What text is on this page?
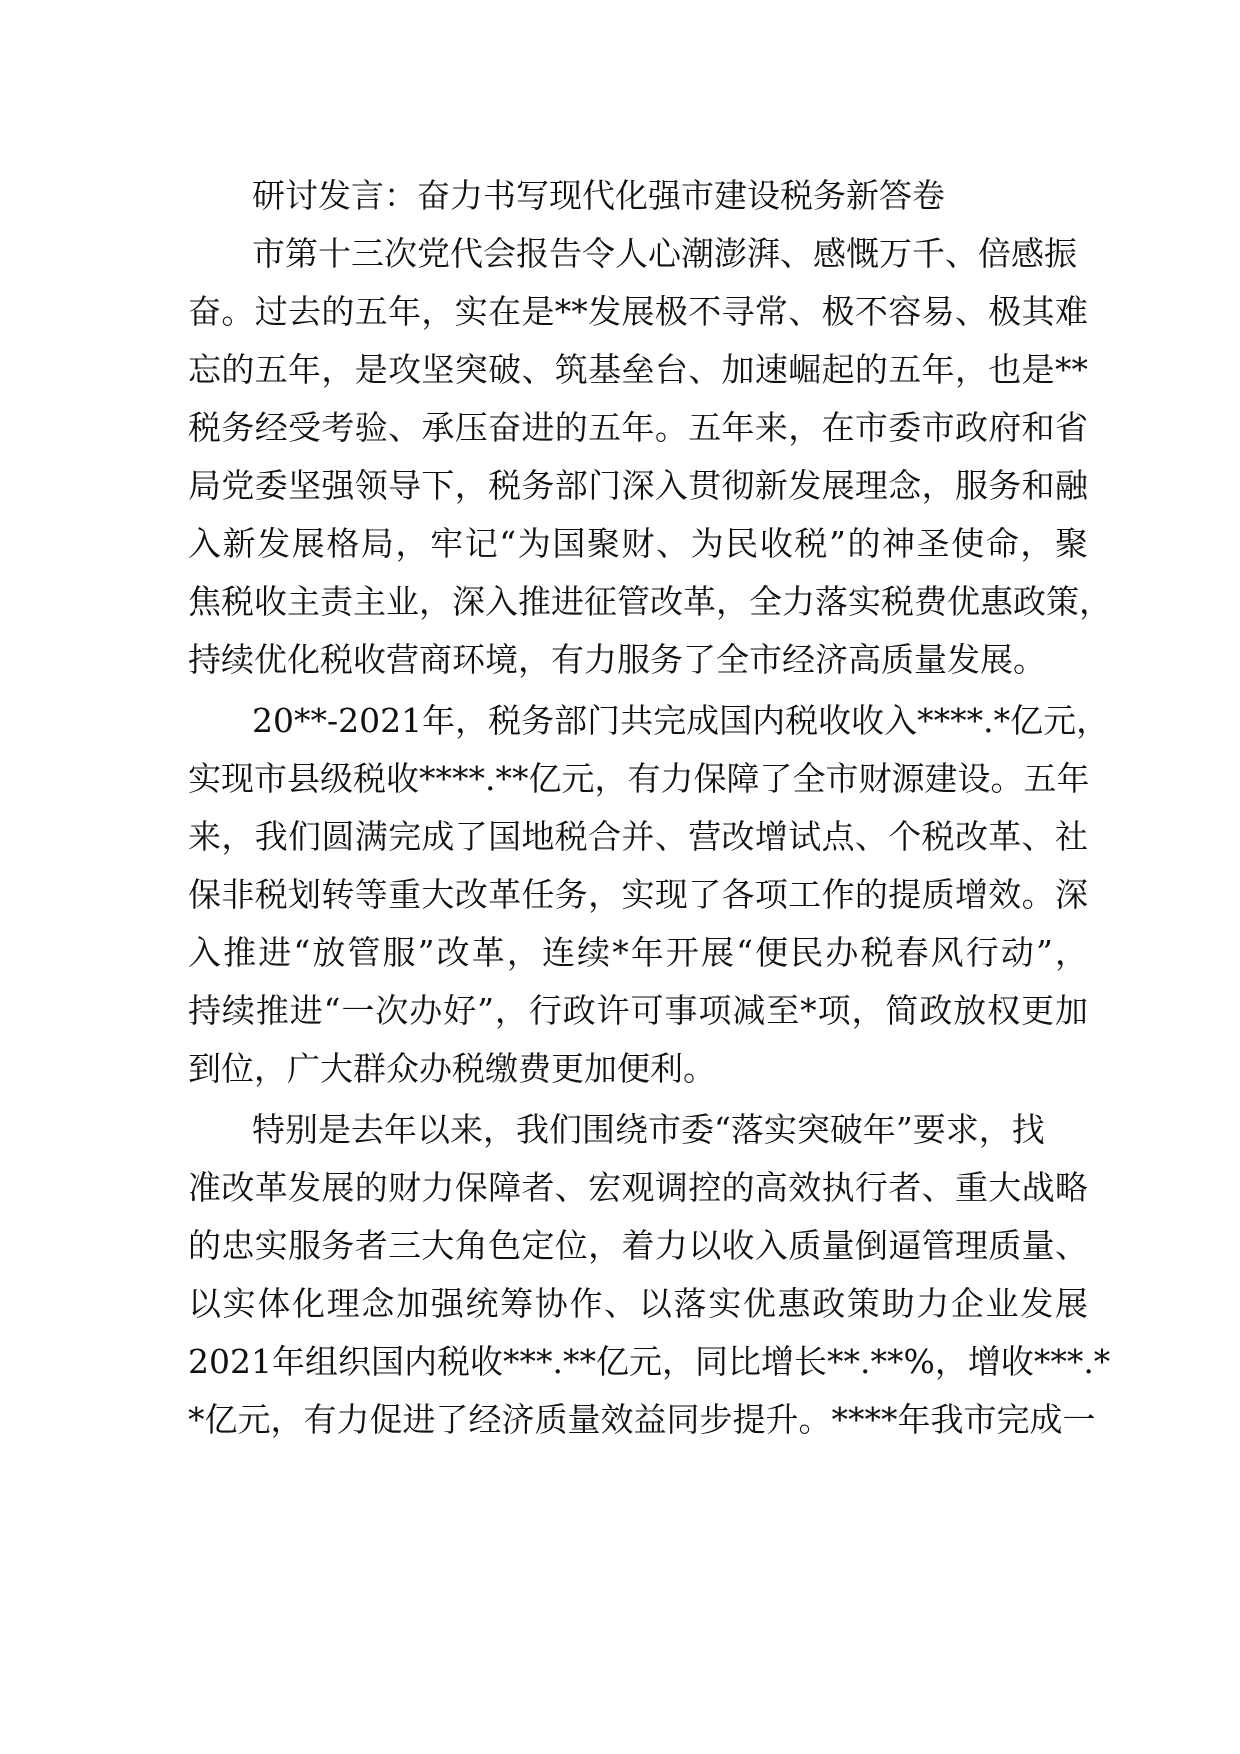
研讨发言：奋力书写现代化强市建设税务新答卷
市第十三次党代会报告令人心潮澎湃、感慨万千、倍感振
奋。过去的五年，实在是**发展极不寻常、极不容易、极其难
忘的五年，是攻坚突破、筑基垒台、加速崛起的五年，也是**
税务经受考验、承压奋进的五年。五年来，在市委市政府和省
局党委坚强领导下，税务部门深入贯彻新发展理念，服务和融
入新发展格局，牢记“为国聚财、为民收税”的神圣使命，聚
焦税收主责主业，深入推进征管改革，全力落实税费优惠政策，
持续优化税收营商环境，有力服务了全市经济高质量发展。
20**-2021年，税务部门共完成国内税收收入****.*亿元，
实现市县级税收****.**亿元，有力保障了全市财源建设。五年
来，我们圆满完成了国地税合并、营改增试点、个税改革、社
保非税划转等重大改革任务，实现了各项工作的提质增效。深
入推进“放管服”改革，连续*年开展“便民办税春风行动”，
持续推进“一次办好”，行政许可事项减至*项，简政放权更加
到位，广大群众办税缴费更加便利。
特别是去年以来，我们围绕市委“落实突破年”要求，找
准改革发展的财力保障者、宏观调控的高效执行者、重大战略
的忠实服务者三大角色定位，着力以收入质量倒逼管理质量、
以实体化理念加强统筹协作、以落实优惠政策助力企业发展
2021年组织国内税收***.**亿元，同比增长**.**%，增收***.*
*亿元，有力促进了经济质量效益同步提升。****年我市完成一
